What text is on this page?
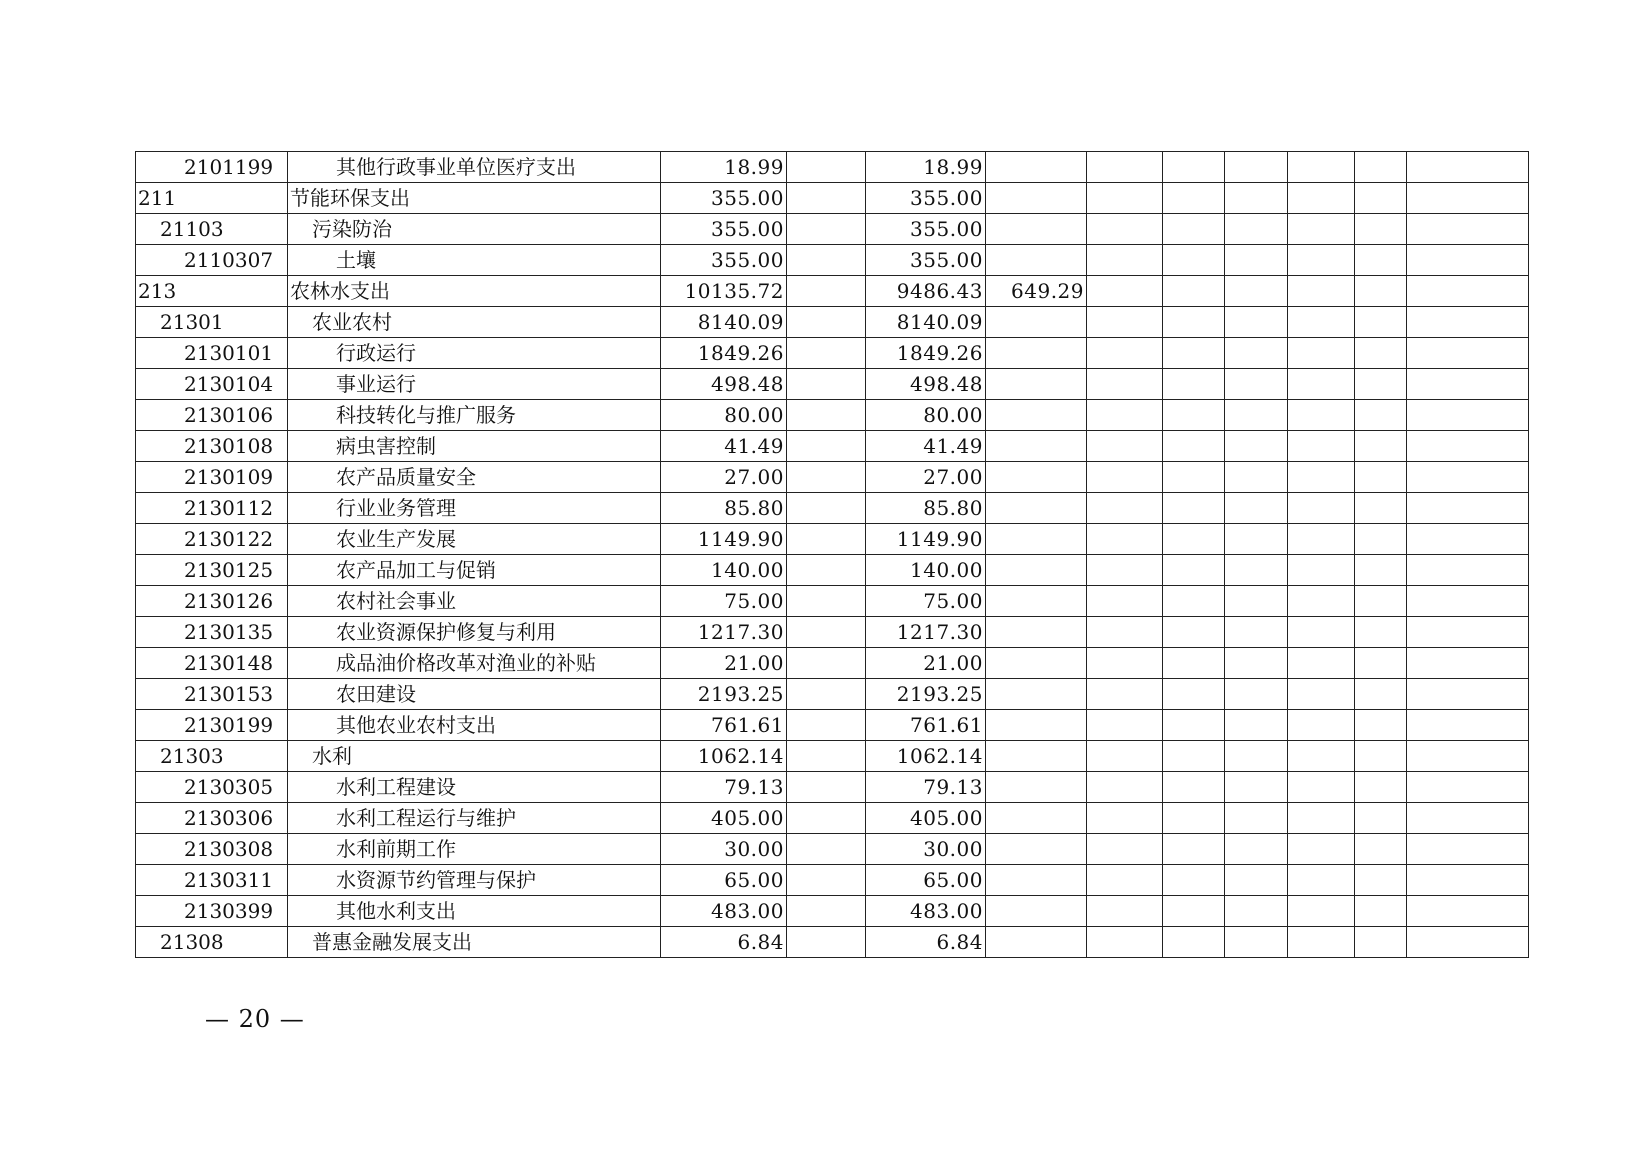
2101199	其他行政事业单位医疗支出	18.99		18.99							
211	节能环保支出	355.00		355.00							
21103	污染防治	355.00		355.00							
2110307	土壤	355.00		355.00							
213	农林水支出	10135.72		9486.43	649.29						
21301	农业农村	8140.09		8140.09							
2130101	行政运行	1849.26		1849.26							
2130104	事业运行	498.48		498.48							
2130106	科技转化与推广服务	80.00		80.00							
2130108	病虫害控制	41.49		41.49							
2130109	农产品质量安全	27.00		27.00							
2130112	行业业务管理	85.80		85.80							
2130122	农业生产发展	1149.90		1149.90							
2130125	农产品加工与促销	140.00		140.00							
2130126	农村社会事业	75.00		75.00							
2130135	农业资源保护修复与利用	1217.30		1217.30							
2130148	成品油价格改革对渔业的补贴	21.00		21.00							
2130153	农田建设	2193.25		2193.25							
2130199	其他农业农村支出	761.61		761.61							
21303	水利	1062.14		1062.14							
2130305	水利工程建设	79.13		79.13							
2130306	水利工程运行与维护	405.00		405.00							
2130308	水利前期工作	30.00		30.00							
2130311	水资源节约管理与保护	65.00		65.00							
2130399	其他水利支出	483.00		483.00							
21308	普惠金融发展支出	6.84		6.84							
— 20 —
